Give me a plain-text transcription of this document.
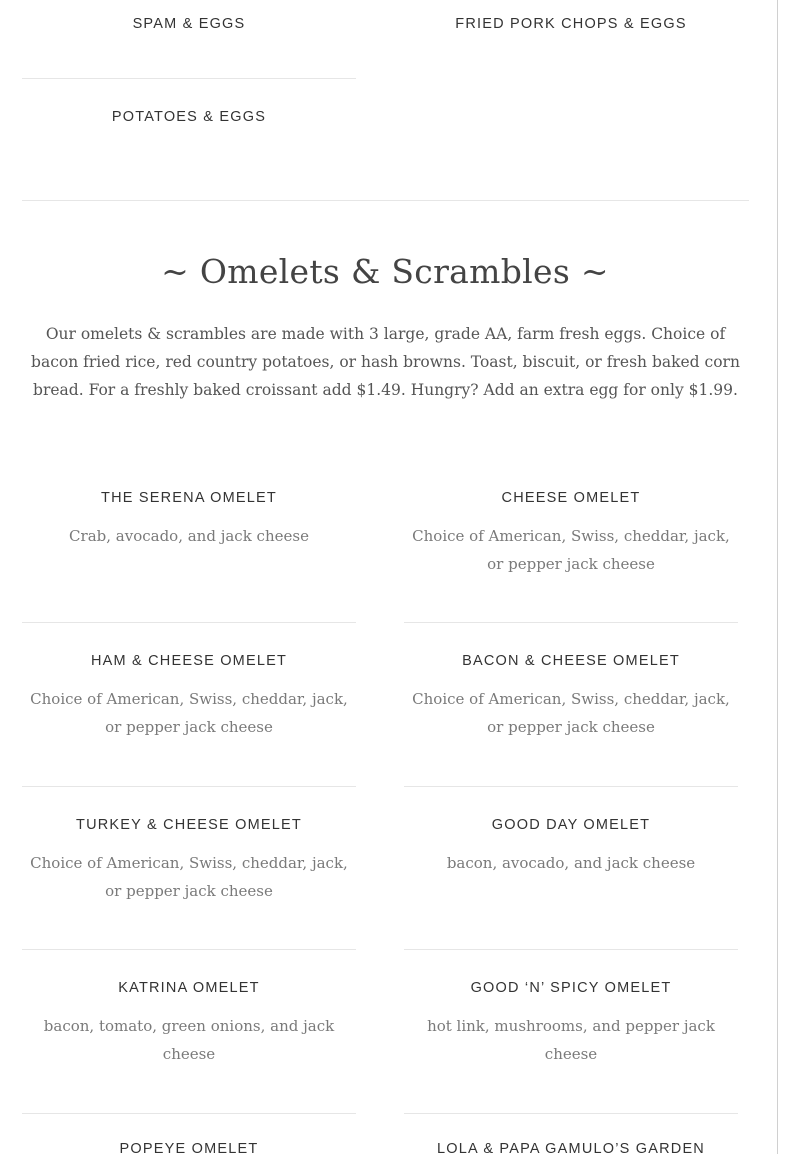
SPAM & EGGS	FRIED PORK CHOPS & EGGS
POTATOES & EGGS
~ Omelets & Scrambles ~
Our omelets & scrambles are made with 3 large, grade AA, farm fresh eggs. Choice of bacon fried rice, red country potatoes, or hash browns. Toast, biscuit, or fresh baked corn bread. For a freshly baked croissant add $1.49. Hungry? Add an extra egg for only $1.99.
THE SERENA OMELET
Crab, avocado, and jack cheese
CHEESE OMELET
Choice of American, Swiss, cheddar, jack, or pepper jack cheese
HAM & CHEESE OMELET
Choice of American, Swiss, cheddar, jack, or pepper jack cheese
BACON & CHEESE OMELET
Choice of American, Swiss, cheddar, jack, or pepper jack cheese
TURKEY & CHEESE OMELET
Choice of American, Swiss, cheddar, jack, or pepper jack cheese
GOOD DAY OMELET
bacon, avocado, and jack cheese
KATRINA OMELET
bacon, tomato, green onions, and jack cheese
GOOD ‘N’ SPICY OMELET
hot link, mushrooms, and pepper jack cheese
POPEYE OMELET	LOLA & PAPA GAMULO’S GARDEN
